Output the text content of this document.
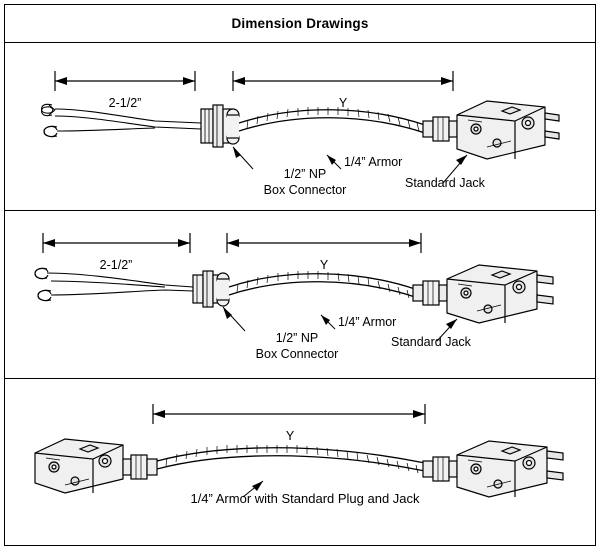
Dimension Drawings
2-1/2”	Y
1/4” Armor
1/2” NP
Box Connector	Standard Jack
2-1/2”	Y
1/4” Armor
1/2” NP
Box Connector
Standard Jack
Y
1/4” Armor with Standard Plug and Jack
